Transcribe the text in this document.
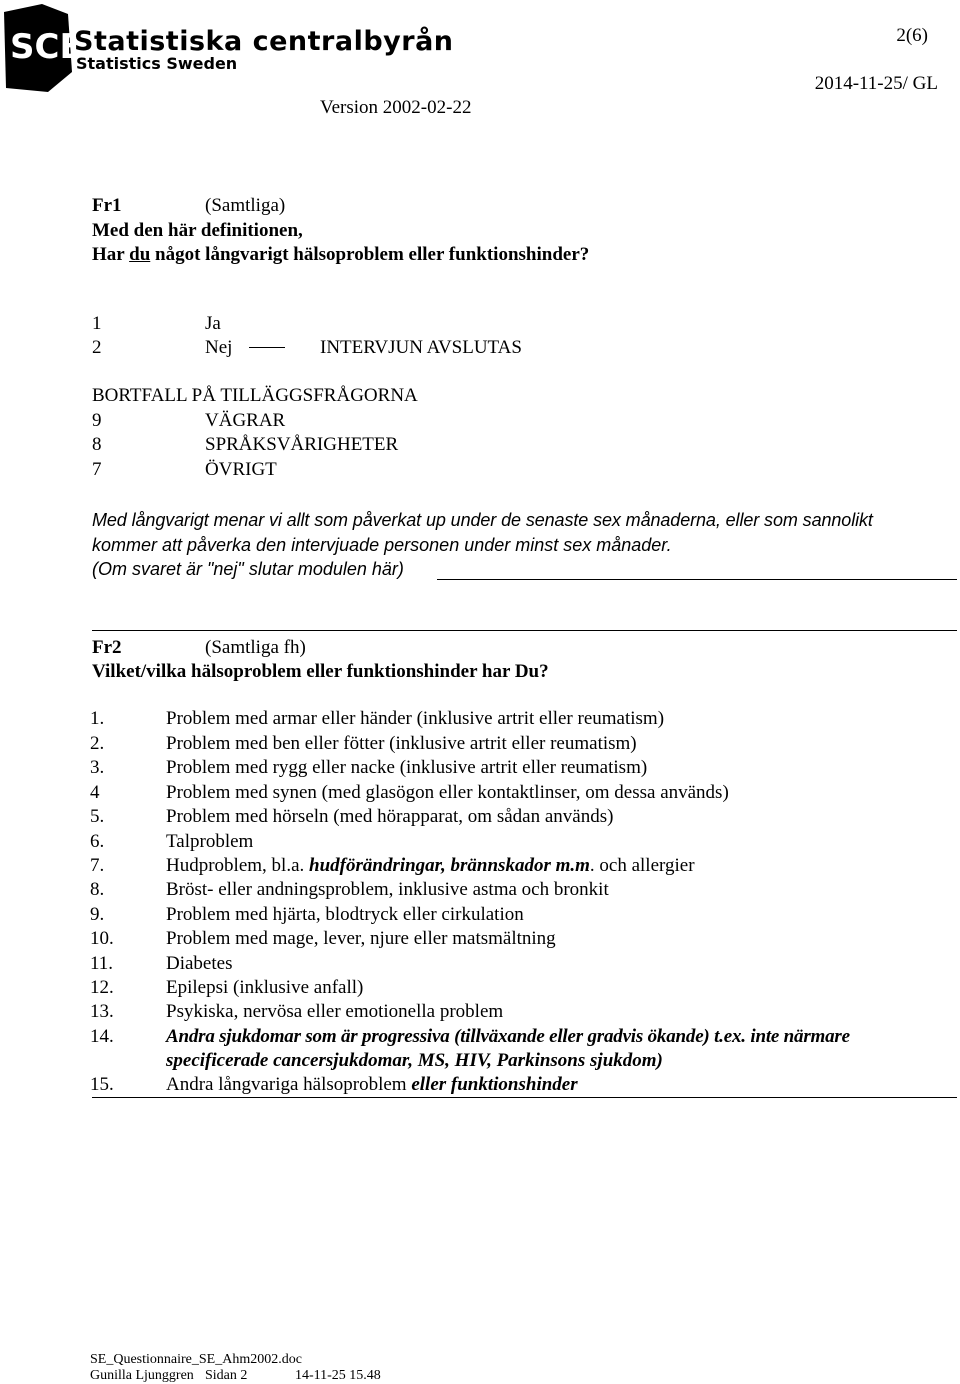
SCB
Statistiska centralbyrån
Statistics Sweden
2(6)
Version 2002-02-22
2014-11-25/ GL
Fr1	(Samtliga)
Med den här definitionen,
Har du något långvarigt hälsoproblem eller funktionshinder?
1	Ja
2	Nej	INTERVJUN AVSLUTAS
BORTFALL PÅ TILLÄGGSFRÅGORNA
9	VÄGRAR
8	SPRÅKSVÅRIGHETER
7	ÖVRIGT
Med långvarigt menar vi allt som påverkat up under de senaste sex månaderna, eller som sannolikt
kommer att påverka den intervjuade personen under minst sex månader.
(Om svaret är "nej" slutar modulen här)
Fr2	(Samtliga fh)
Vilket/vilka hälsoproblem eller funktionshinder har Du?
1.	Problem med armar eller händer (inklusive artrit eller reumatism)
2.	Problem med ben eller fötter (inklusive artrit eller reumatism)
3.	Problem med rygg eller nacke (inklusive artrit eller reumatism)
4	Problem med synen (med glasögon eller kontaktlinser, om dessa används)
5.	Problem med hörseln (med hörapparat, om sådan används)
6.	Talproblem
7.	Hudproblem, bl.a. hudförändringar, brännskador m.m. och allergier
8.	Bröst- eller andningsproblem, inklusive astma och bronkit
9.	Problem med hjärta, blodtryck eller cirkulation
10.	Problem med mage, lever, njure eller matsmältning
11.	Diabetes
12.	Epilepsi (inklusive anfall)
13.	Psykiska, nervösa eller emotionella problem
14.	Andra sjukdomar som är progressiva (tillväxande eller gradvis ökande) t.ex. inte närmare
specificerade cancersjukdomar, MS, HIV, Parkinsons sjukdom)
15.	Andra långvariga hälsoproblem eller funktionshinder
SE_Questionnaire_SE_Ahm2002.doc
Gunilla Ljunggren Sidan 2	14-11-25 15.48
